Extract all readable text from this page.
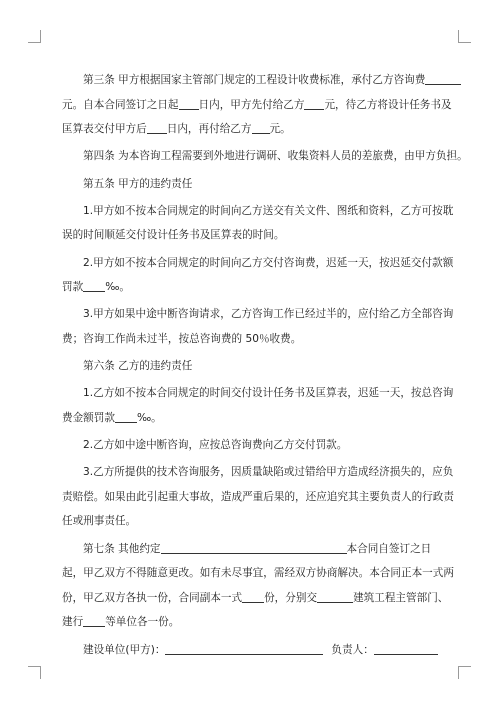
第三条 甲方根据国家主管部门规定的工程设计收费标准，承付乙方咨询费
元。自本合同签订之日起 日内，甲方先付给乙方 元，待乙方将设计任务书及
匡算表交付甲方后 日内，再付给乙方 元。
第四条 为本咨询工程需要到外地进行调研、收集资料人员的差旅费，由甲方负担。
第五条 甲方的违约责任
1.甲方如不按本合同规定的时间向乙方送交有关文件、图纸和资料，乙方可按耽
误的时间顺延交付设计任务书及匡算表的时间。
2.甲方如不按本合同规定的时间向乙方交付咨询费，迟延一天，按迟延交付款额
罚款 ‰。
3.甲方如果中途中断咨询请求，乙方咨询工作已经过半的，应付给乙方全部咨询
费；咨询工作尚未过半，按总咨询费的 50％收费。
第六条 乙方的违约责任
1.乙方如不按本合同规定的时间交付设计任务书及匡算表，迟延一天，按总咨询
费金额罚款 ‰。
2.乙方如中途中断咨询，应按总咨询费向乙方交付罚款。
3.乙方所提供的技术咨询服务，因质量缺陷或过错给甲方造成经济损失的，应负
责赔偿。如果由此引起重大事故，造成严重后果的，还应追究其主要负责人的行政责
任或刑事责任。
第七条 其他约定	本合同自签订之日
起，甲乙双方不得随意更改。如有未尽事宜，需经双方协商解决。本合同正本一式两
份，甲乙双方各执一份，合同副本一式 份，分别交	建筑工程主管部门、
建行 等单位各一份。
建设单位(甲方)：	负责人：
